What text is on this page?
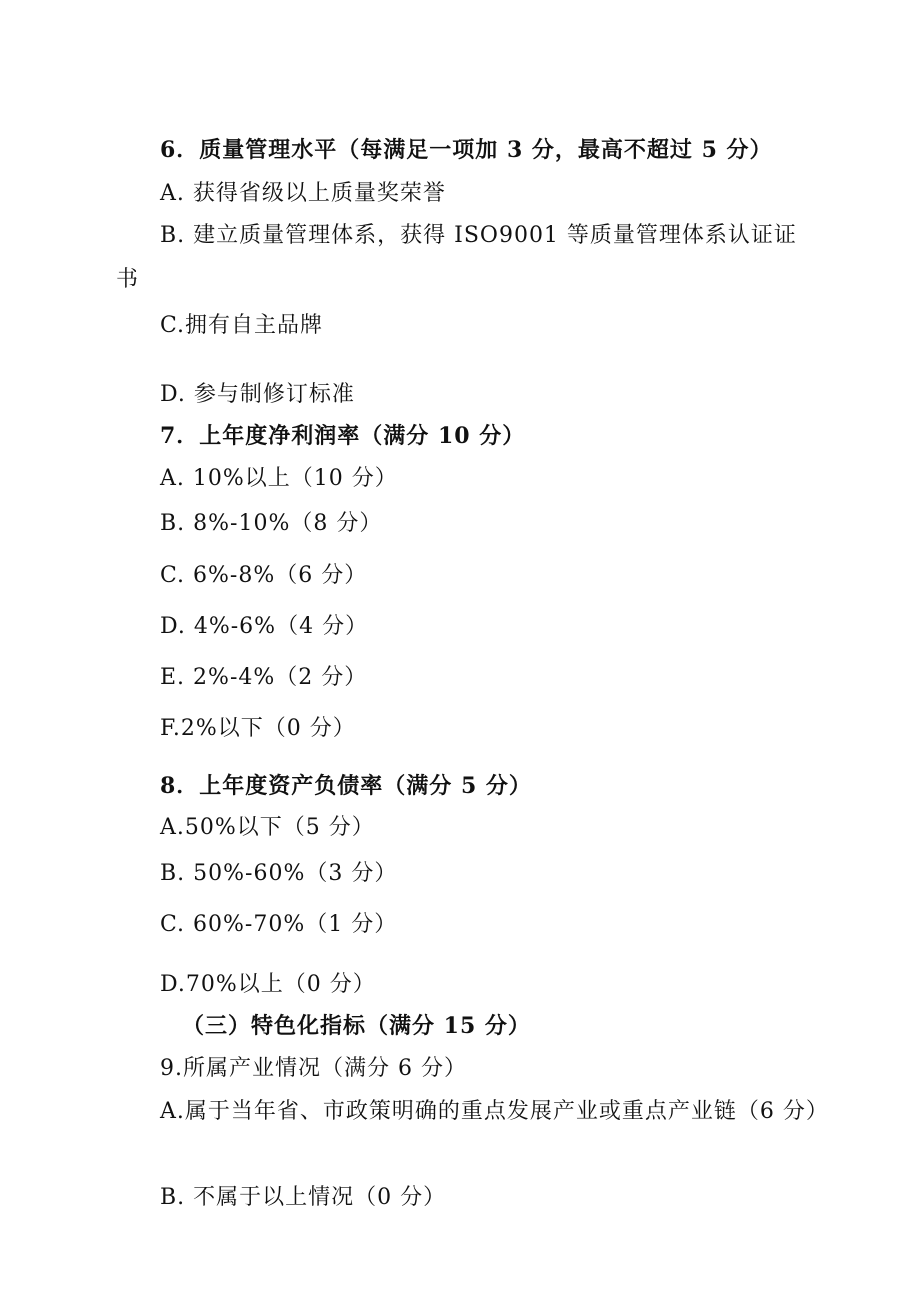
6．质量管理水平（每满足一项加 3 分，最高不超过 5 分）
A. 获得省级以上质量奖荣誉
B. 建立质量管理体系，获得 ISO9001 等质量管理体系认证证书
C.拥有自主品牌
D. 参与制修订标准
7．上年度净利润率（满分 10 分）
A. 10%以上（10 分）
B. 8%-10%（8 分）
C. 6%-8%（6 分）
D. 4%-6%（4 分）
E. 2%-4%（2 分）
F.2%以下（0 分）
8．上年度资产负债率（满分 5 分）
A.50%以下（5 分）
B. 50%-60%（3 分）
C. 60%-70%（1 分）
D.70%以上（0 分）
（三）特色化指标（满分 15 分）
9.所属产业情况（满分 6 分）
A.属于当年省、市政策明确的重点发展产业或重点产业链（6 分）
B. 不属于以上情况（0 分）
